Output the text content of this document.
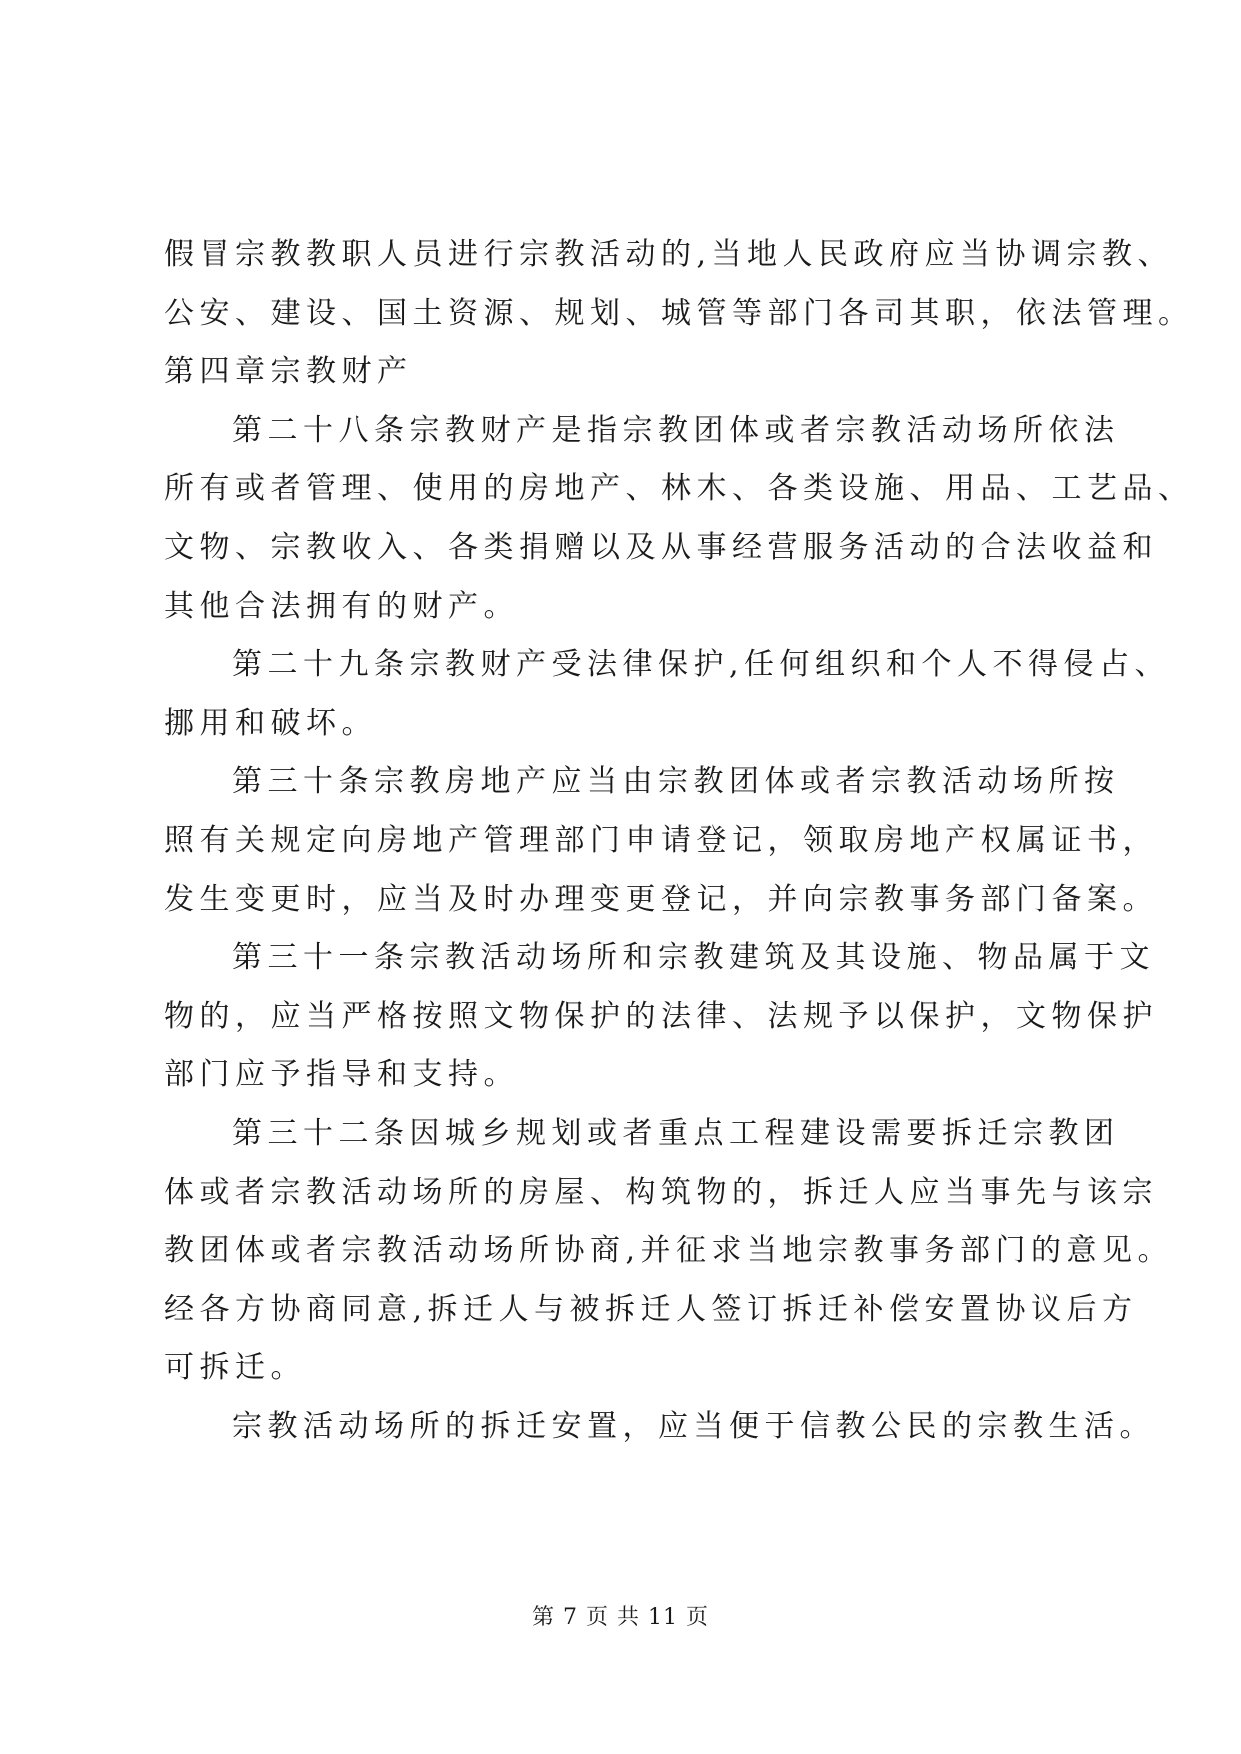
假冒宗教教职人员进行宗教活动的,当地人民政府应当协调宗教、
公安、建设、国土资源、规划、城管等部门各司其职，依法管理。
第四章宗教财产
第二十八条宗教财产是指宗教团体或者宗教活动场所依法
所有或者管理、使用的房地产、林木、各类设施、用品、工艺品、
文物、宗教收入、各类捐赠以及从事经营服务活动的合法收益和
其他合法拥有的财产。
第二十九条宗教财产受法律保护,任何组织和个人不得侵占、
挪用和破坏。
第三十条宗教房地产应当由宗教团体或者宗教活动场所按
照有关规定向房地产管理部门申请登记，领取房地产权属证书，
发生变更时，应当及时办理变更登记，并向宗教事务部门备案。
第三十一条宗教活动场所和宗教建筑及其设施、物品属于文
物的，应当严格按照文物保护的法律、法规予以保护，文物保护
部门应予指导和支持。
第三十二条因城乡规划或者重点工程建设需要拆迁宗教团
体或者宗教活动场所的房屋、构筑物的，拆迁人应当事先与该宗
教团体或者宗教活动场所协商,并征求当地宗教事务部门的意见。
经各方协商同意,拆迁人与被拆迁人签订拆迁补偿安置协议后方
可拆迁。
宗教活动场所的拆迁安置，应当便于信教公民的宗教生活。
第 7 页 共 11 页
